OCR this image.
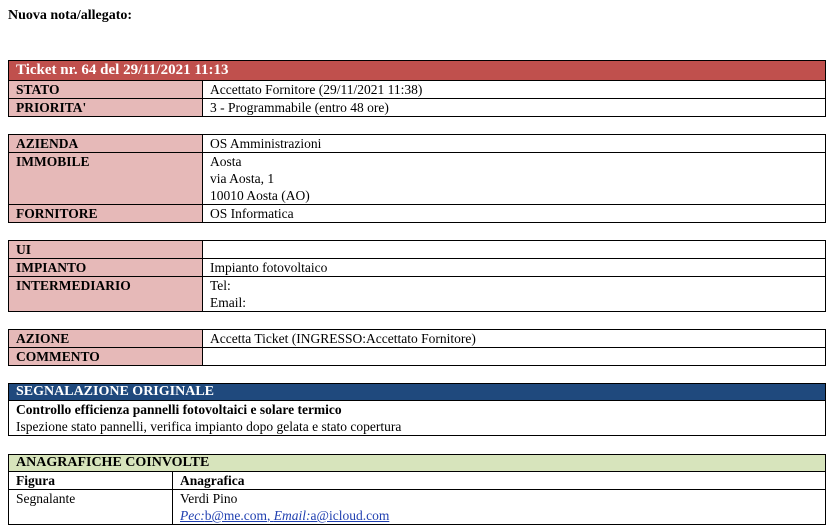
Nuova nota/allegato:
Ticket nr. 64 del 29/11/2021 11:13	
STATO	Accettato Fornitore (29/11/2021 11:38)
PRIORITA'	3 - Programmabile (entro 48 ore)
AZIENDA	OS Amministrazioni
IMMOBILE	Aosta
via Aosta, 1
10010 Aosta (AO)

FORNITORE	OS Informatica
UI	
IMPIANTO	Impianto fotovoltaico
INTERMEDIARIO	Tel:
Email:
AZIONE	Accetta Ticket (INGRESSO:Accettato Fornitore)
COMMENTO	
SEGNALAZIONE ORIGINALE

Controllo efficienza pannelli fotovoltaici e solare termico
Ispezione stato pannelli, verifica impianto dopo gelata e stato copertura
ANAGRAFICHE COINVOLTE	
Figura	Anagrafica
Segnalante	Verdi Pino
Pec:b@me.com, Email:a@icloud.com
